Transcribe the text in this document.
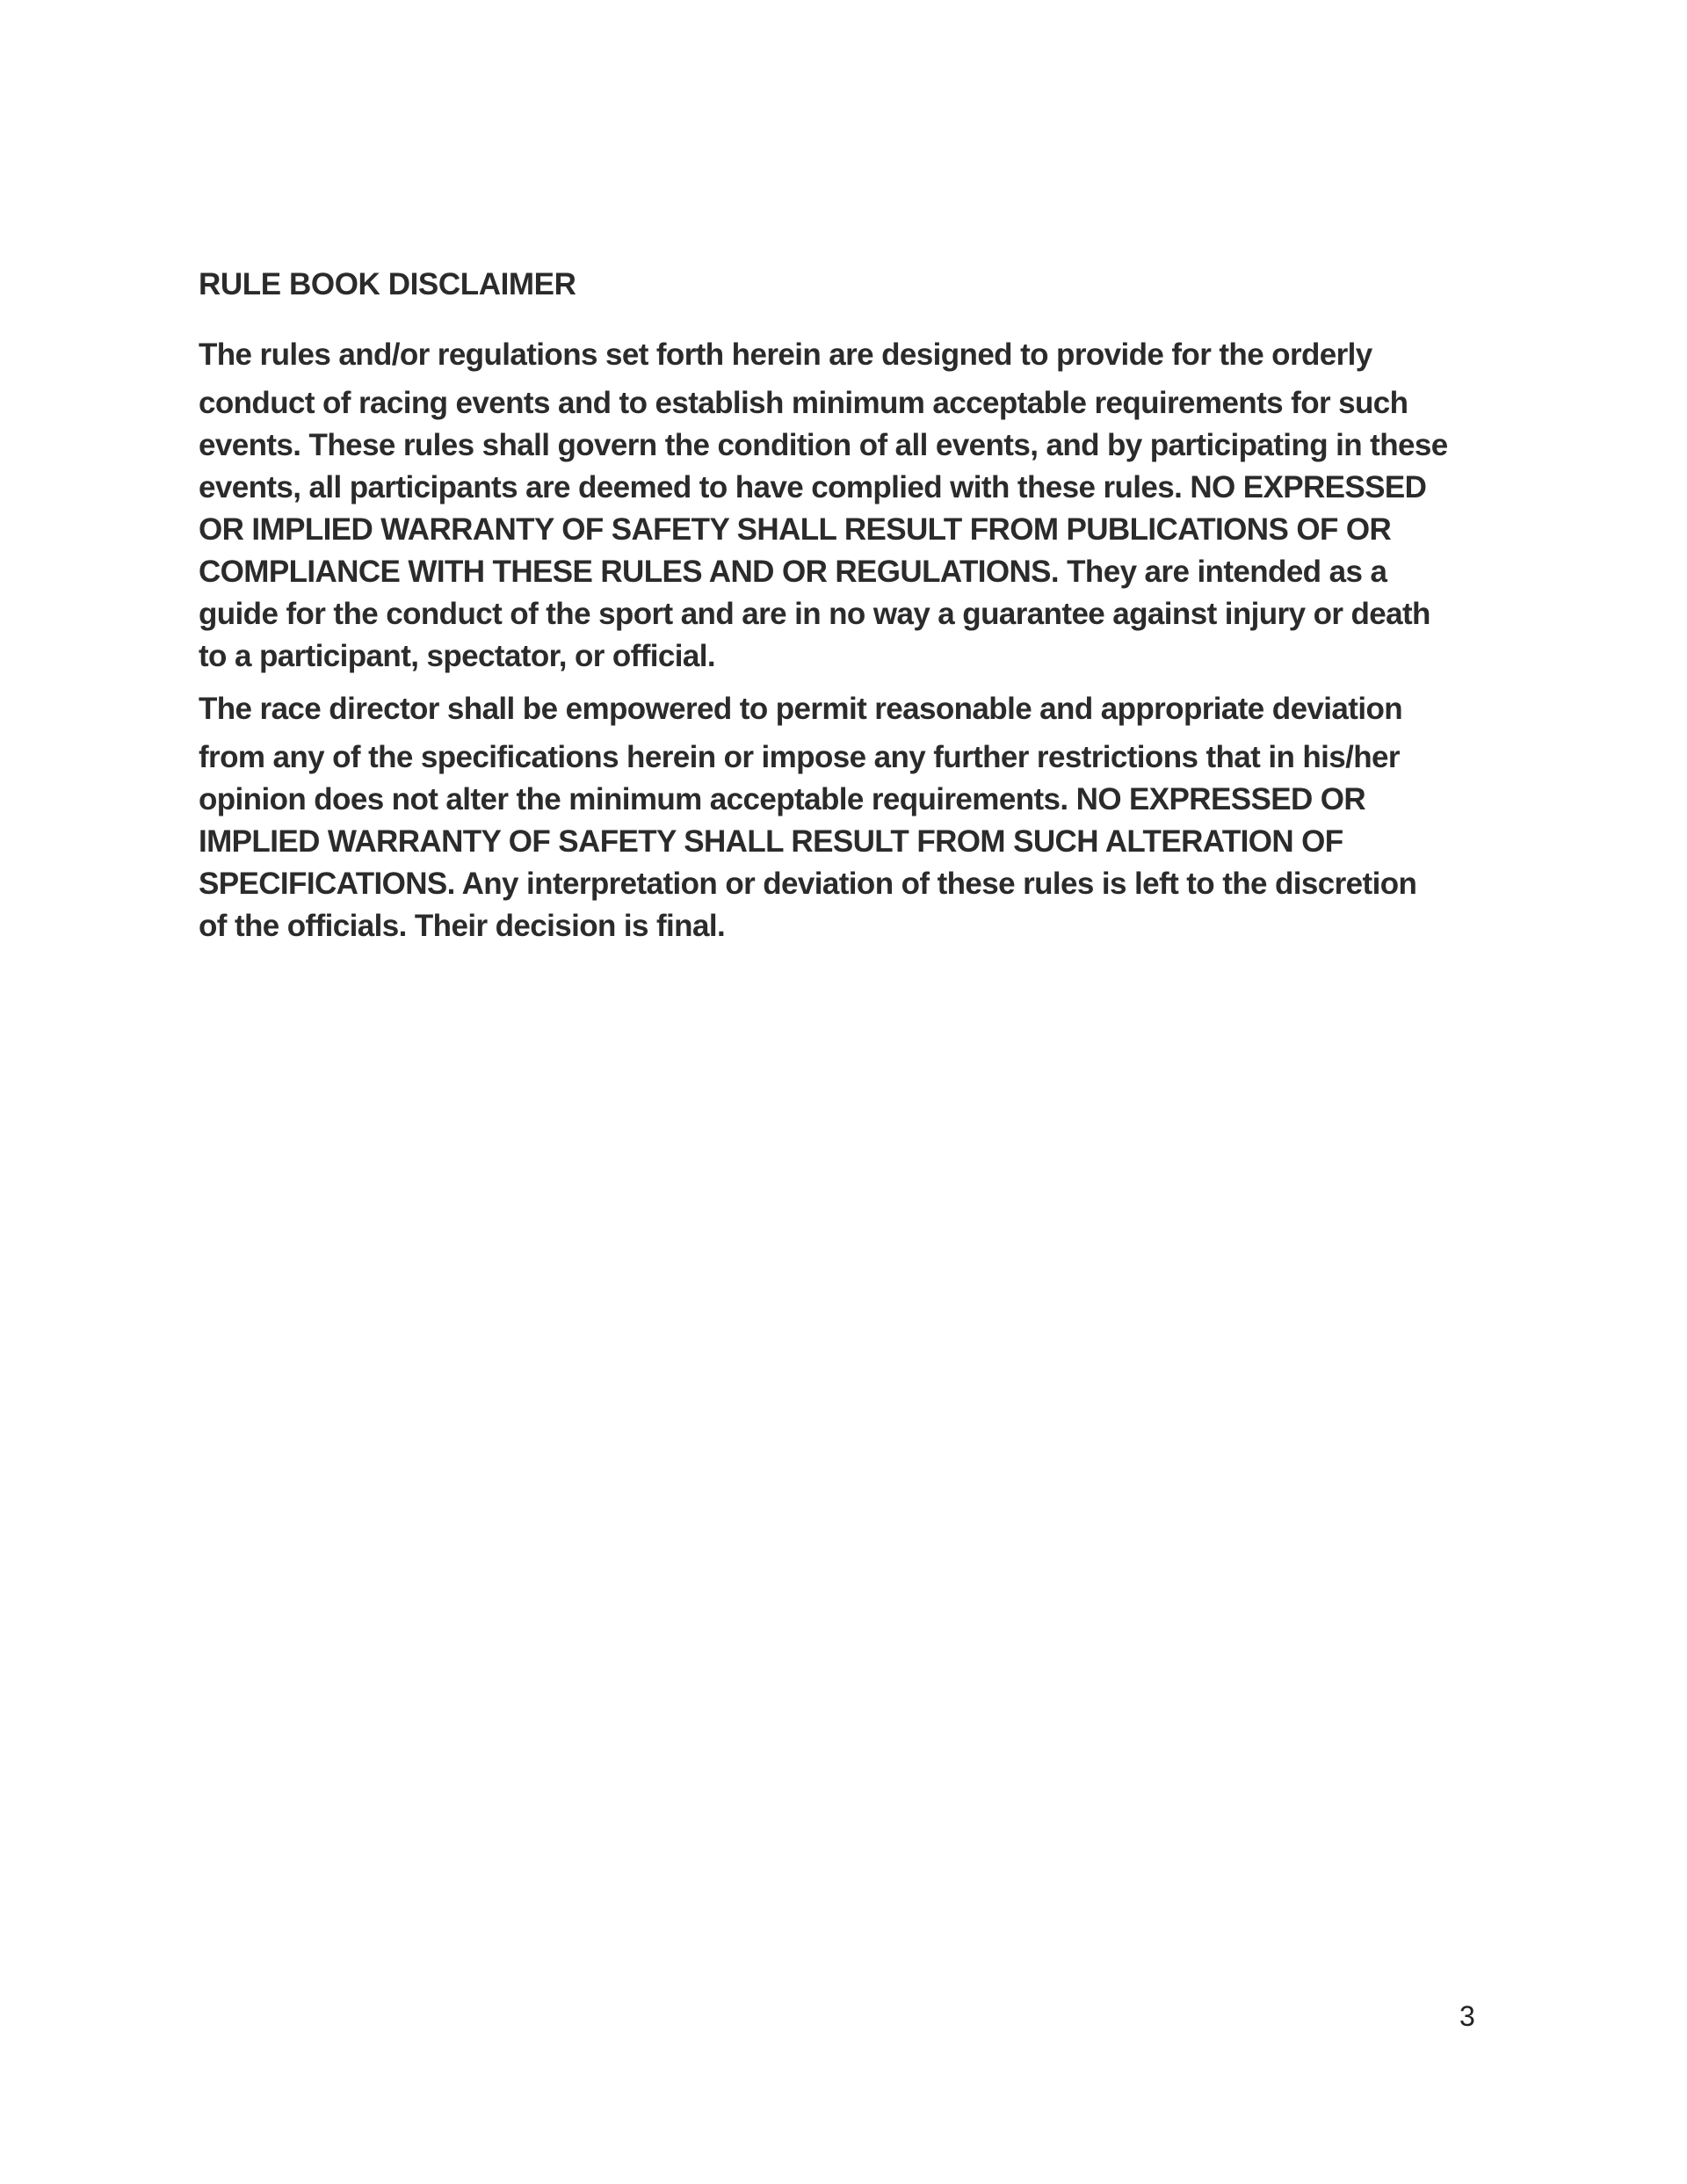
RULE BOOK DISCLAIMER
The rules and/or regulations set forth herein are designed to provide for the orderly
conduct of racing events and to establish minimum acceptable requirements for such
events. These rules shall govern the condition of all events, and by participating in these
events, all participants are deemed to have complied with these rules. NO EXPRESSED
OR IMPLIED WARRANTY OF SAFETY SHALL RESULT FROM PUBLICATIONS OF OR
COMPLIANCE WITH THESE RULES AND OR REGULATIONS. They are intended as a
guide for the conduct of the sport and are in no way a guarantee against injury or death
to a participant, spectator, or official.
The race director shall be empowered to permit reasonable and appropriate deviation
from any of the specifications herein or impose any further restrictions that in his/her
opinion does not alter the minimum acceptable requirements. NO EXPRESSED OR
IMPLIED WARRANTY OF SAFETY SHALL RESULT FROM SUCH ALTERATION OF
SPECIFICATIONS. Any interpretation or deviation of these rules is left to the discretion
of the officials. Their decision is final.
3
